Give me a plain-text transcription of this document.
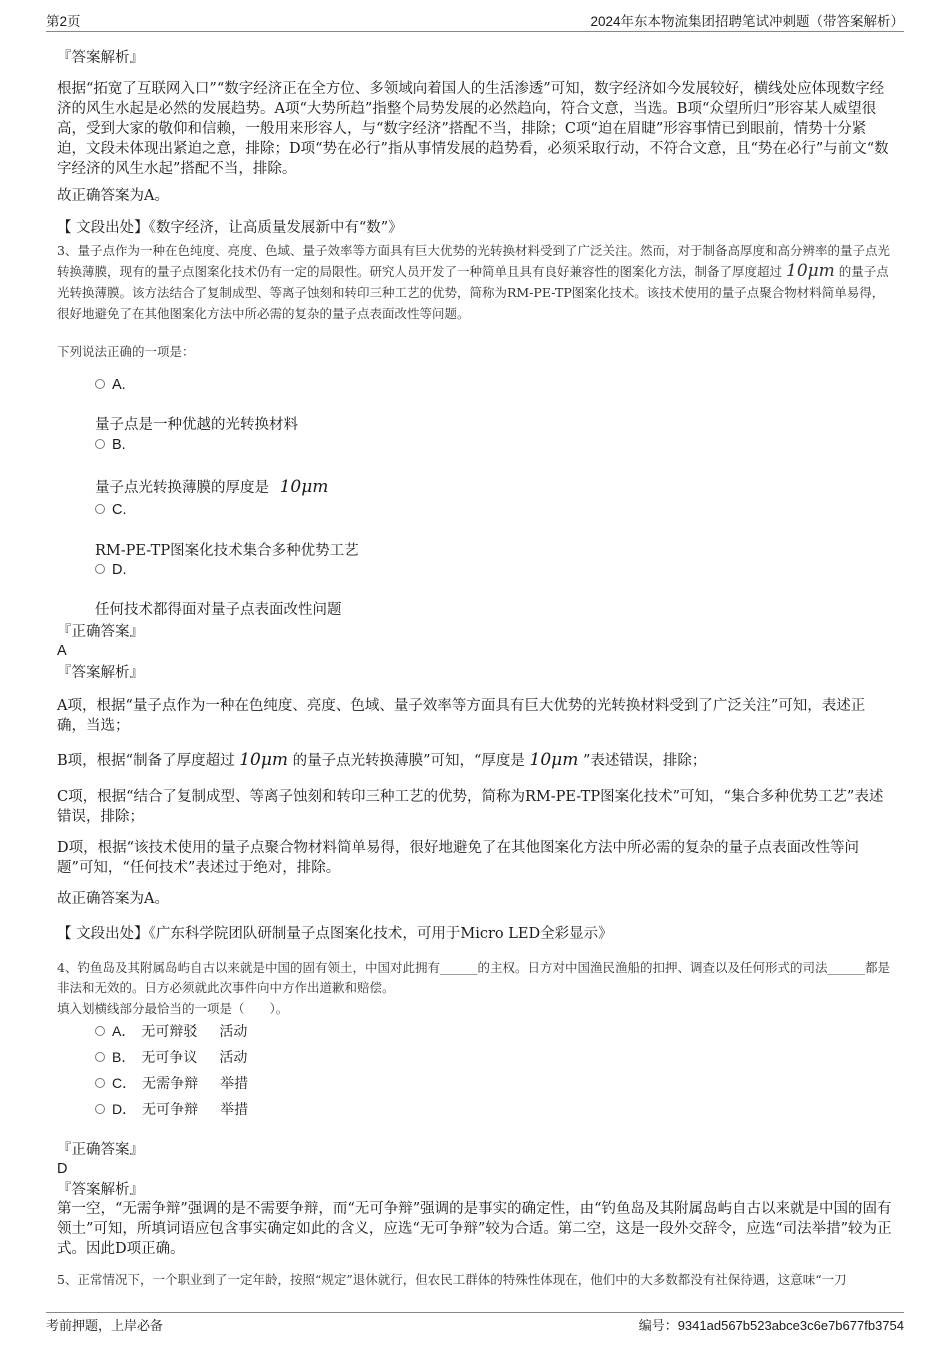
第2页	2024年东本物流集团招聘笔试冲刺题（带答案解析）
『答案解析』
根据“拓宽了互联网入口”“数字经济正在全方位、多领域向着国人的生活渗透”可知，数字经济如今发展较好，横线处应体现数字经济的风生水起是必然的发展趋势。A项“大势所趋”指整个局势发展的必然趋向，符合文意，当选。B项“众望所归”形容某人威望很高，受到大家的敬仰和信赖，一般用来形容人，与“数字经济”搭配不当，排除；C项“迫在眉睫”形容事情已到眼前，情势十分紧迫，文段未体现出紧迫之意，排除；D项“势在必行”指从事情发展的趋势看，必须采取行动，不符合文意，且“势在必行”与前文“数字经济的风生水起”搭配不当，排除。
故正确答案为A。
【 文段出处】《数字经济，让高质量发展新中有“数”》
3、量子点作为一种在色纯度、亮度、色域、量子效率等方面具有巨大优势的光转换材料受到了广泛关注。然而，对于制备高厚度和高分辨率的量子点光转换薄膜，现有的量子点图案化技术仍有一定的局限性。研究人员开发了一种简单且具有良好兼容性的图案化方法，制备了厚度超过 10μm 的量子点光转换薄膜。该方法结合了复制成型、等离子蚀刻和转印三种工艺的优势，简称为RM-PE-TP图案化技术。该技术使用的量子点聚合物材料简单易得，很好地避免了在其他图案化方法中所必需的复杂的量子点表面改性等问题。
下列说法正确的一项是：
A.
量子点是一种优越的光转换材料
B.
量子点光转换薄膜的厚度是 10μm
C.
RM-PE-TP图案化技术集合多种优势工艺
D.
任何技术都得面对量子点表面改性问题
『正确答案』
A
『答案解析』
A项，根据“量子点作为一种在色纯度、亮度、色域、量子效率等方面具有巨大优势的光转换材料受到了广泛关注”可知，表述正确，当选；
B项，根据“制备了厚度超过 10μm 的量子点光转换薄膜”可知，“厚度是 10μm ”表述错误，排除；
C项，根据“结合了复制成型、等离子蚀刻和转印三种工艺的优势，简称为RM-PE-TP图案化技术”可知，“集合多种优势工艺”表述错误，排除；
D项，根据“该技术使用的量子点聚合物材料简单易得，很好地避免了在其他图案化方法中所必需的复杂的量子点表面改性等问题”可知，“任何技术”表述过于绝对，排除。
故正确答案为A。
【 文段出处】《广东科学院团队研制量子点图案化技术，可用于Micro LED全彩显示》
4、钓鱼岛及其附属岛屿自古以来就是中国的固有领土，中国对此拥有______的主权。日方对中国渔民渔船的扣押、调查以及任何形式的司法______都是非法和无效的。日方必须就此次事件向中方作出道歉和赔偿。
填入划横线部分最恰当的一项是（　　）。
A． 无可辩驳 活动
B． 无可争议 活动
C． 无需争辩 举措
D． 无可争辩 举措
『正确答案』
D
『答案解析』
第一空，“无需争辩”强调的是不需要争辩，而“无可争辩”强调的是事实的确定性，由“钓鱼岛及其附属岛屿自古以来就是中国的固有领土”可知，所填词语应包含事实确定如此的含义，应选“无可争辩”较为合适。第二空，这是一段外交辞令，应选“司法举措”较为正式。因此D项正确。
5、正常情况下，一个职业到了一定年龄，按照“规定”退休就行，但农民工群体的特殊性体现在，他们中的大多数都没有社保待遇，这意味“一刀
考前押题，上岸必备	编号：9341ad567b523abce3c6e7b677fb3754
